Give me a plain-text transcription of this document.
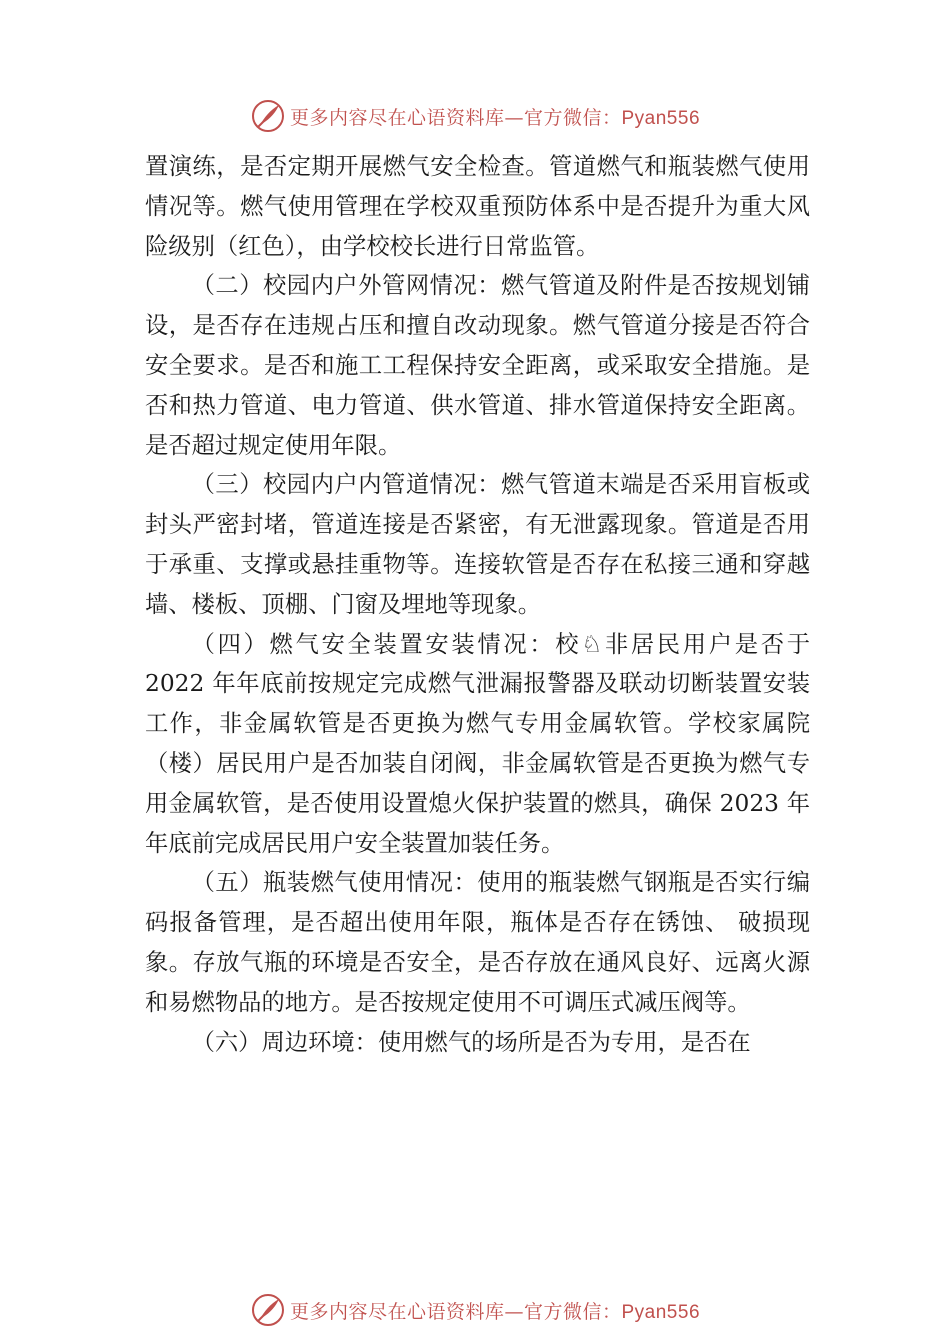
更多内容尽在心语资料库—官方微信：Pyan556

置演练，是否定期开展燃气安全检查。管道燃气和瓶装燃气使用情况等。燃气使用管理在学校双重预防体系中是否提升为重大风险级别（红色），由学校校长进行日常监管。

（二）校园内户外管网情况：燃气管道及附件是否按规划铺设，是否存在违规占压和擅自改动现象。燃气管道分接是否符合安全要求。是否和施工工程保持安全距离，或采取安全措施。是否和热力管道、电力管道、供水管道、排水管道保持安全距离。是否超过规定使用年限。

（三）校园内户内管道情况：燃气管道末端是否采用盲板或封头严密封堵，管道连接是否紧密，有无泄露现象。管道是否用于承重、支撑或悬挂重物等。连接软管是否存在私接三通和穿越墙、楼板、顶棚、门窗及埋地等现象。

（四）燃气安全装置安装情况：校♘非居民用户是否于 2022 年年底前按规定完成燃气泄漏报警器及联动切断装置安装工作，非金属软管是否更换为燃气专用金属软管。学校家属院（楼）居民用户是否加装自闭阀，非金属软管是否更换为燃气专用金属软管，是否使用设置熄火保护装置的燃具，确保 2023 年年底前完成居民用户安全装置加装任务。

（五）瓶装燃气使用情况：使用的瓶装燃气钢瓶是否实行编码报备管理，是否超出使用年限，瓶体是否存在锈蚀、 破损现象。存放气瓶的环境是否安全，是否存放在通风良好、远离火源和易燃物品的地方。是否按规定使用不可调压式减压阀等。

（六）周边环境：使用燃气的场所是否为专用，是否在

更多内容尽在心语资料库—官方微信：Pyan556
